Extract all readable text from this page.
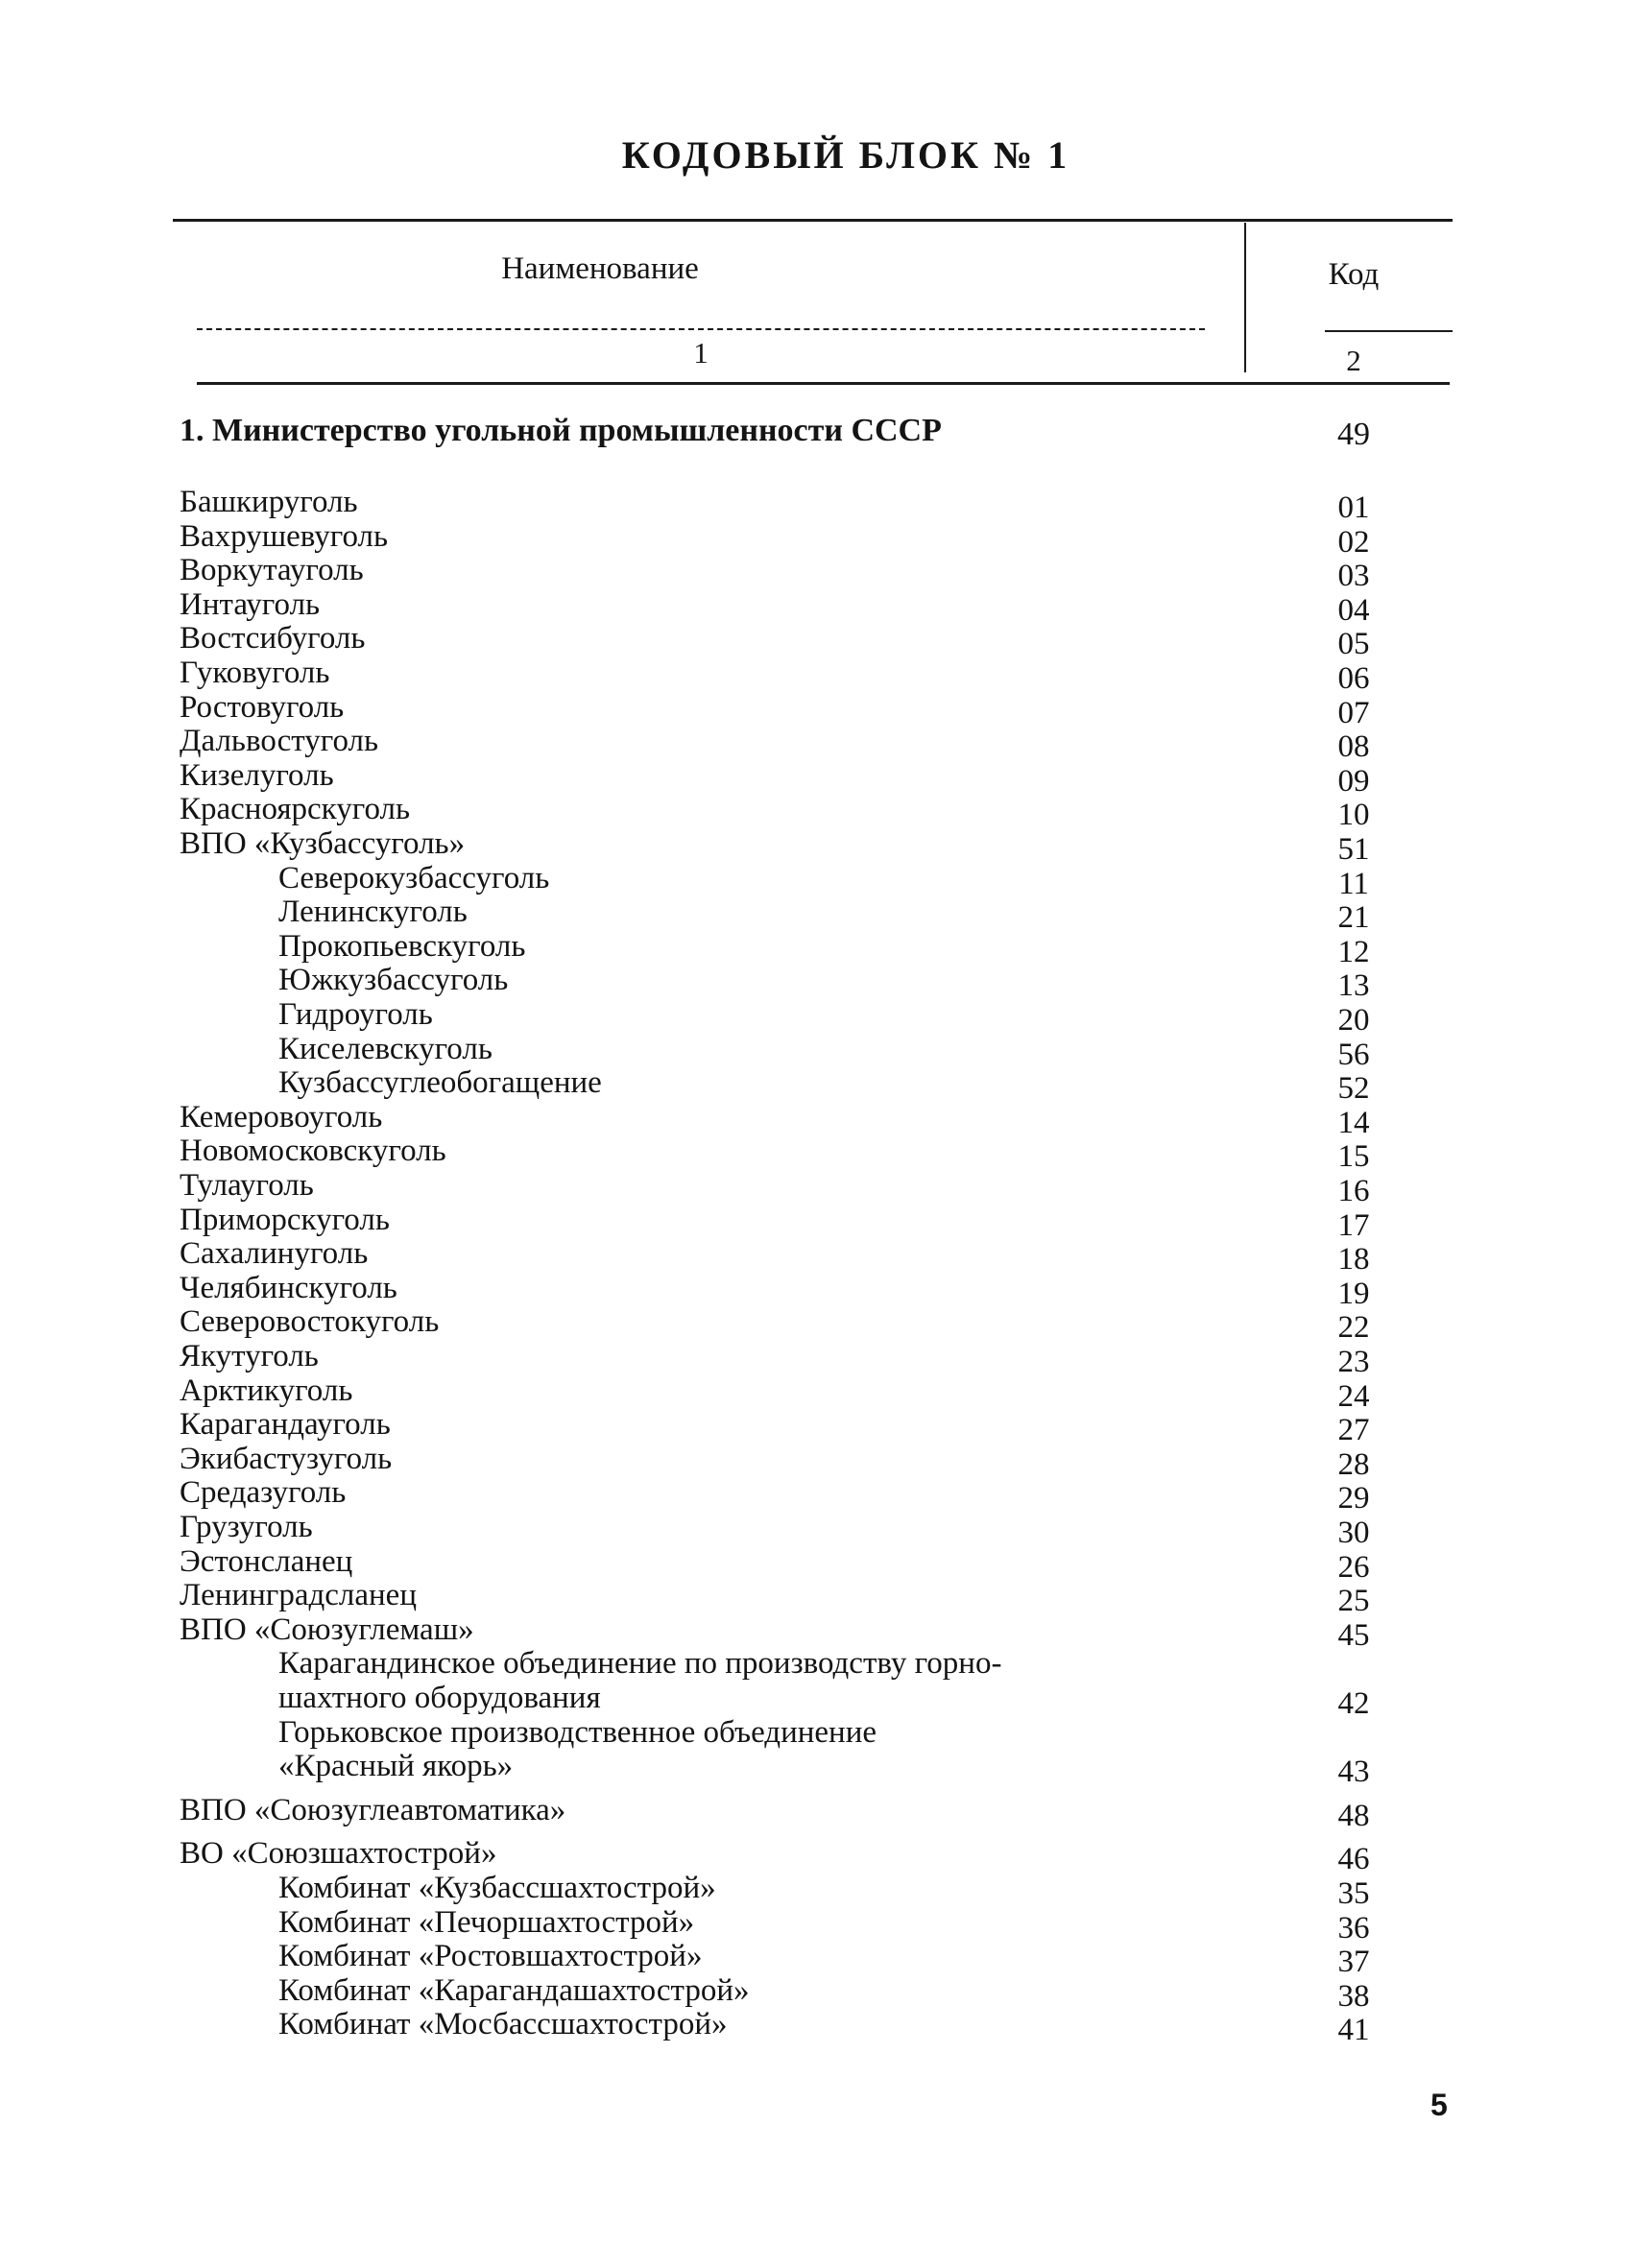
КОДОВЫЙ БЛОК № 1
Наименование	Код
1	2
1. Министерство угольной промышленности СССР	49
Башкируголь	01
Вахрушевуголь	02
Воркутауголь	03
Интауголь	04
Востсибуголь	05
Гуковуголь	06
Ростовуголь	07
Дальвостуголь	08
Кизелуголь	09
Красноярскуголь	10
ВПО «Кузбассуголь»	51
Северокузбассуголь	11
Ленинскуголь	21
Прокопьевскуголь	12
Южкузбассуголь	13
Гидроуголь	20
Киселевскуголь	56
Кузбассуглеобогащение	52
Кемеровоуголь	14
Новомосковскуголь	15
Тулауголь	16
Приморскуголь	17
Сахалинуголь	18
Челябинскуголь	19
Северовостокуголь	22
Якутуголь	23
Арктикуголь	24
Карагандауголь	27
Экибастузуголь	28
Средазуголь	29
Грузуголь	30
Эстонсланец	26
Ленинградсланец	25
ВПО «Союзуглемаш»	45
Карагандинское объединение по производству горно-
шахтного оборудования	42
Горьковское производственное объединение
«Красный якорь»	43
ВПО «Союзуглеавтоматика»	48
ВО «Союзшахтострой»	46
Комбинат «Кузбассшахтострой»	35
Комбинат «Печоршахтострой»	36
Комбинат «Ростовшахтострой»	37
Комбинат «Карагандашахтострой»	38
Комбинат «Мосбассшахтострой»	41
5
